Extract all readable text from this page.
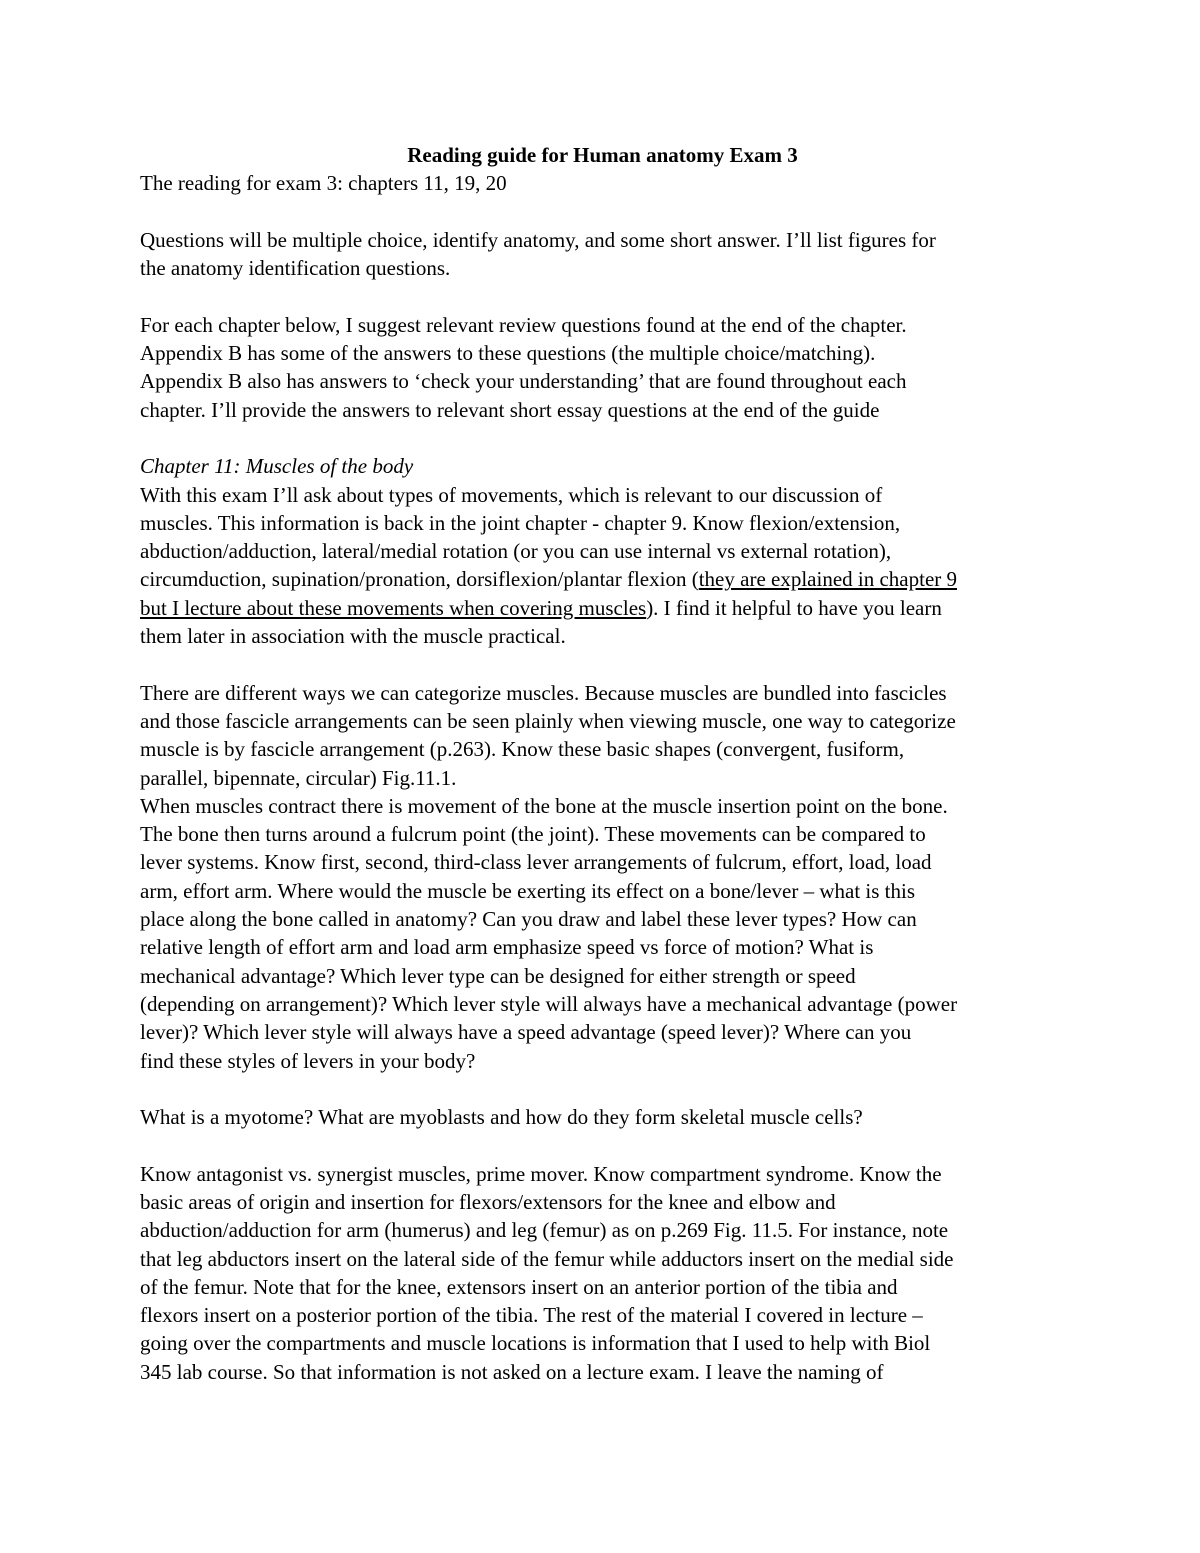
Reading guide for Human anatomy Exam 3
The reading for exam 3: chapters 11, 19, 20
Questions will be multiple choice, identify anatomy, and some short answer. I’ll list figures for
the anatomy identification questions.
For each chapter below, I suggest relevant review questions found at the end of the chapter.
Appendix B has some of the answers to these questions (the multiple choice/matching).
Appendix B also has answers to ‘check your understanding’ that are found throughout each
chapter. I’ll provide the answers to relevant short essay questions at the end of the guide
Chapter 11: Muscles of the body
With this exam I’ll ask about types of movements, which is relevant to our discussion of
muscles. This information is back in the joint chapter - chapter 9. Know flexion/extension,
abduction/adduction, lateral/medial rotation (or you can use internal vs external rotation),
circumduction, supination/pronation, dorsiflexion/plantar flexion (they are explained in chapter 9
but I lecture about these movements when covering muscles). I find it helpful to have you learn
them later in association with the muscle practical.
There are different ways we can categorize muscles. Because muscles are bundled into fascicles
and those fascicle arrangements can be seen plainly when viewing muscle, one way to categorize
muscle is by fascicle arrangement (p.263). Know these basic shapes (convergent, fusiform,
parallel, bipennate, circular) Fig.11.1.
When muscles contract there is movement of the bone at the muscle insertion point on the bone.
The bone then turns around a fulcrum point (the joint). These movements can be compared to
lever systems. Know first, second, third-class lever arrangements of fulcrum, effort, load, load
arm, effort arm. Where would the muscle be exerting its effect on a bone/lever – what is this
place along the bone called in anatomy? Can you draw and label these lever types? How can
relative length of effort arm and load arm emphasize speed vs force of motion? What is
mechanical advantage? Which lever type can be designed for either strength or speed
(depending on arrangement)? Which lever style will always have a mechanical advantage (power
lever)? Which lever style will always have a speed advantage (speed lever)? Where can you
find these styles of levers in your body?
What is a myotome? What are myoblasts and how do they form skeletal muscle cells?
Know antagonist vs. synergist muscles, prime mover. Know compartment syndrome. Know the
basic areas of origin and insertion for flexors/extensors for the knee and elbow and
abduction/adduction for arm (humerus) and leg (femur) as on p.269 Fig. 11.5. For instance, note
that leg abductors insert on the lateral side of the femur while adductors insert on the medial side
of the femur. Note that for the knee, extensors insert on an anterior portion of the tibia and
flexors insert on a posterior portion of the tibia. The rest of the material I covered in lecture –
going over the compartments and muscle locations is information that I used to help with Biol
345 lab course. So that information is not asked on a lecture exam. I leave the naming of
